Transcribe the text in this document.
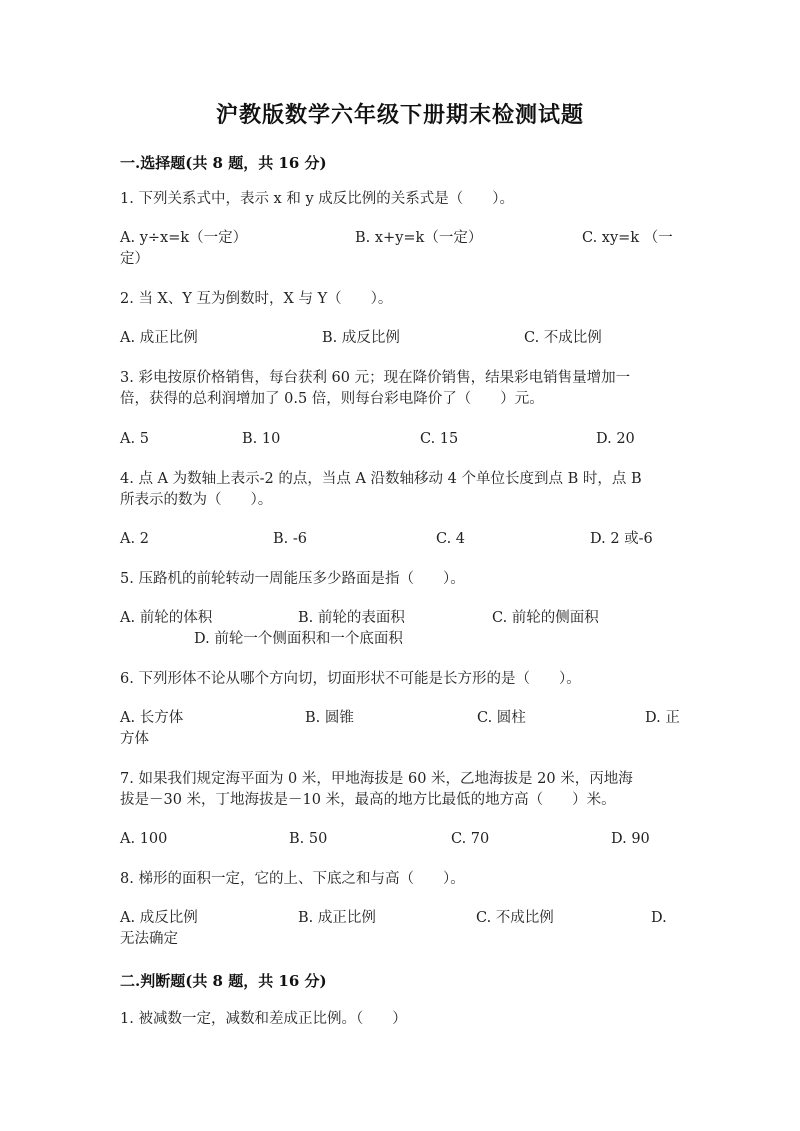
沪教版数学六年级下册期末检测试题
一.选择题(共 8 题，共 16 分)
1. 下列关系式中，表示 x 和 y 成反比例的关系式是（　　）。
A. y÷x=k（一定）	B. x+y=k（一定）	C. xy=k （一
定）
2. 当 X、Y 互为倒数时，X 与 Y（　　）。
A. 成正比例	B. 成反比例	C. 不成比例
3. 彩电按原价格销售，每台获利 60 元；现在降价销售，结果彩电销售量增加一
倍，获得的总利润增加了 0.5 倍，则每台彩电降价了（　　）元。
A. 5	B. 10	C. 15	D. 20
4. 点 A 为数轴上表示-2 的点，当点 A 沿数轴移动 4 个单位长度到点 B 时，点 B
所表示的数为（　　）。
A. 2	B. -6	C. 4	D. 2 或-6
5. 压路机的前轮转动一周能压多少路面是指（　　）。
A. 前轮的体积	B. 前轮的表面积	C. 前轮的侧面积
D. 前轮一个侧面积和一个底面积
6. 下列形体不论从哪个方向切，切面形状不可能是长方形的是（　　）。
A. 长方体	B. 圆锥	C. 圆柱	D. 正
方体
7. 如果我们规定海平面为 0 米，甲地海拔是 60 米，乙地海拔是 20 米，丙地海
拔是－30 米，丁地海拔是－10 米，最高的地方比最低的地方高（　　）米。
A. 100	B. 50	C. 70	D. 90
8. 梯形的面积一定，它的上、下底之和与高（　　）。
A. 成反比例	B. 成正比例	C. 不成比例	D.
无法确定
二.判断题(共 8 题，共 16 分)
1. 被减数一定，减数和差成正比例。（　　）
